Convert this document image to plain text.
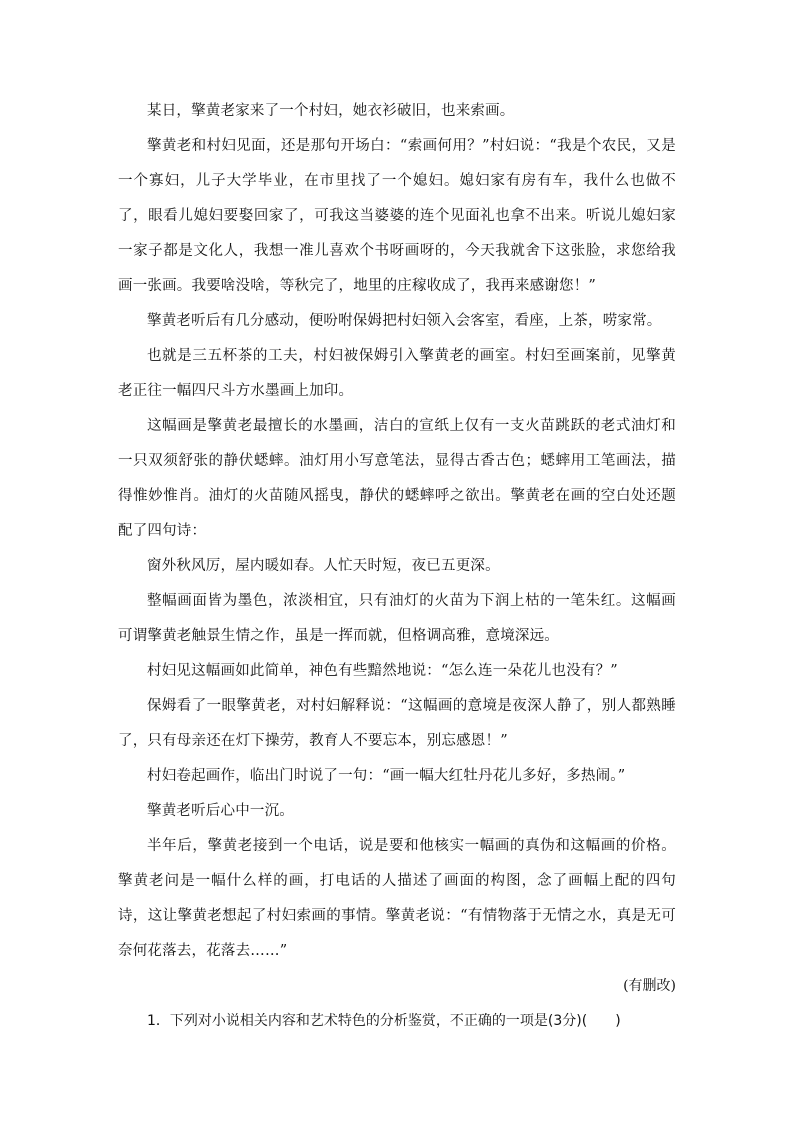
某日，擎黄老家来了一个村妇，她衣衫破旧，也来索画。

擎黄老和村妇见面，还是那句开场白：“索画何用？”村妇说：“我是个农民，又是一个寡妇，儿子大学毕业，在市里找了一个媳妇。媳妇家有房有车，我什么也做不了，眼看儿媳妇要娶回家了，可我这当婆婆的连个见面礼也拿不出来。听说儿媳妇家一家子都是文化人，我想一准儿喜欢个书呀画呀的，今天我就舍下这张脸，求您给我画一张画。我要啥没啥，等秋完了，地里的庄稼收成了，我再来感谢您！”

擎黄老听后有几分感动，便吩咐保姆把村妇领入会客室，看座，上茶，唠家常。

也就是三五杯茶的工夫，村妇被保姆引入擎黄老的画室。村妇至画案前，见擎黄老正往一幅四尺斗方水墨画上加印。

这幅画是擎黄老最擅长的水墨画，洁白的宣纸上仅有一支火苗跳跃的老式油灯和一只双须舒张的静伏蟋蟀。油灯用小写意笔法，显得古香古色；蟋蟀用工笔画法，描得惟妙惟肖。油灯的火苗随风摇曳，静伏的蟋蟀呼之欲出。擎黄老在画的空白处还题配了四句诗：

窗外秋风厉，屋内暖如春。人忙天时短，夜已五更深。

整幅画面皆为墨色，浓淡相宜，只有油灯的火苗为下润上枯的一笔朱红。这幅画可谓擎黄老触景生情之作，虽是一挥而就，但格调高雅，意境深远。

村妇见这幅画如此简单，神色有些黯然地说：“怎么连一朵花儿也没有？”

保姆看了一眼擎黄老，对村妇解释说：“这幅画的意境是夜深人静了，别人都熟睡了，只有母亲还在灯下操劳，教育人不要忘本，别忘感恩！”

村妇卷起画作，临出门时说了一句：“画一幅大红牡丹花儿多好，多热闹。”

擎黄老听后心中一沉。

半年后，擎黄老接到一个电话，说是要和他核实一幅画的真伪和这幅画的价格。擎黄老问是一幅什么样的画，打电话的人描述了画面的构图，念了画幅上配的四句诗，这让擎黄老想起了村妇索画的事情。擎黄老说：“有情物落于无情之水，真是无可奈何花落去，花落去……”

(有删改)

1．下列对小说相关内容和艺术特色的分析鉴赏，不正确的一项是(3分)(　　)
